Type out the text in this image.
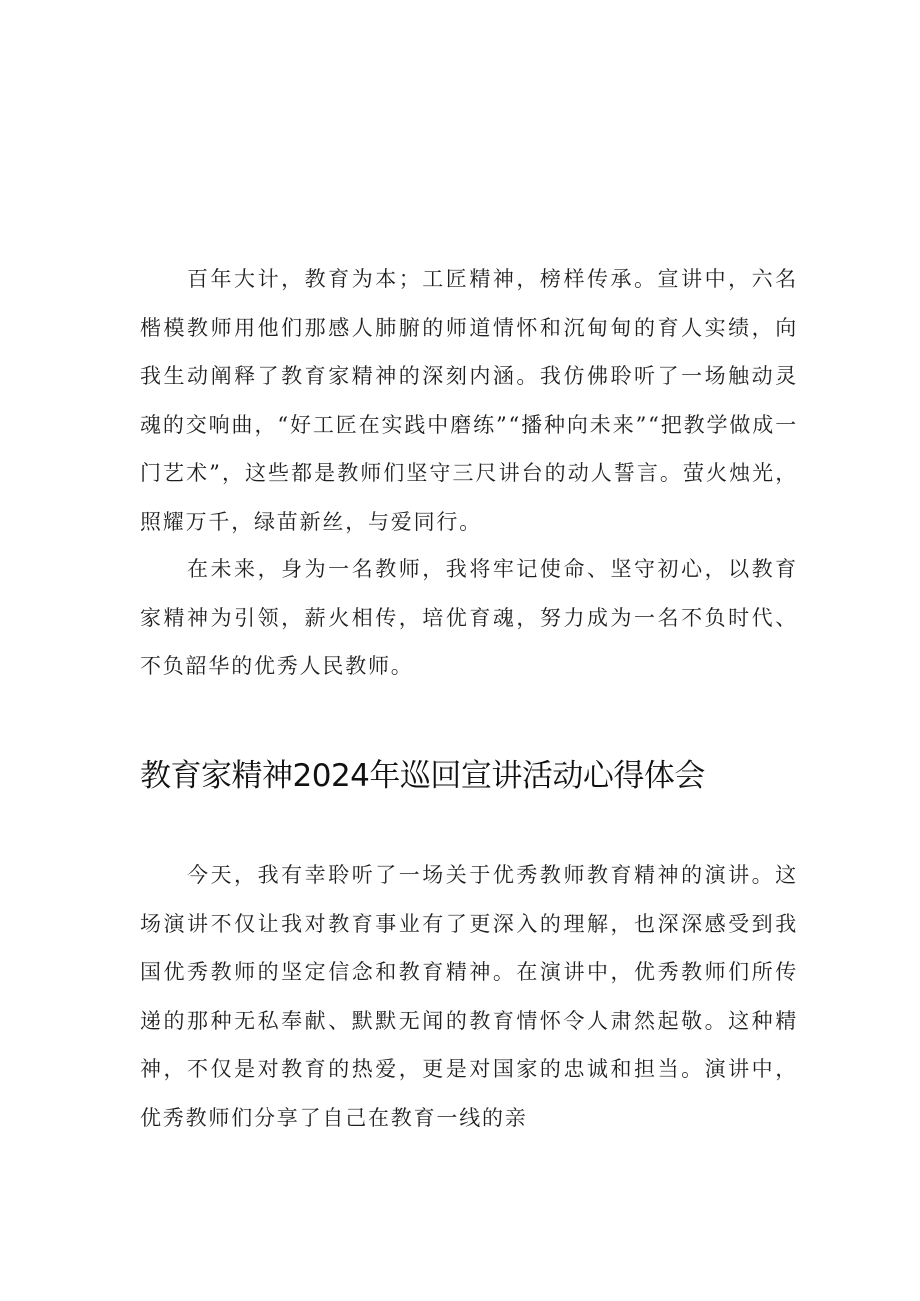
百年大计，教育为本；工匠精神，榜样传承。宣讲中，六名楷模教师用他们那感人肺腑的师道情怀和沉甸甸的育人实绩，向我生动阐释了教育家精神的深刻内涵。我仿佛聆听了一场触动灵魂的交响曲，“好工匠在实践中磨练”“播种向未来”“把教学做成一门艺术”，这些都是教师们坚守三尺讲台的动人誓言。萤火烛光，照耀万千，绿苗新丝，与爱同行。

在未来，身为一名教师，我将牢记使命、坚守初心，以教育家精神为引领，薪火相传，培优育魂，努力成为一名不负时代、不负韶华的优秀人民教师。

教育家精神2024年巡回宣讲活动心得体会

今天，我有幸聆听了一场关于优秀教师教育精神的演讲。这场演讲不仅让我对教育事业有了更深入的理解，也深深感受到我国优秀教师的坚定信念和教育精神。在演讲中，优秀教师们所传递的那种无私奉献、默默无闻的教育情怀令人肃然起敬。这种精神，不仅是对教育的热爱，更是对国家的忠诚和担当。演讲中，优秀教师们分享了自己在教育一线的亲
